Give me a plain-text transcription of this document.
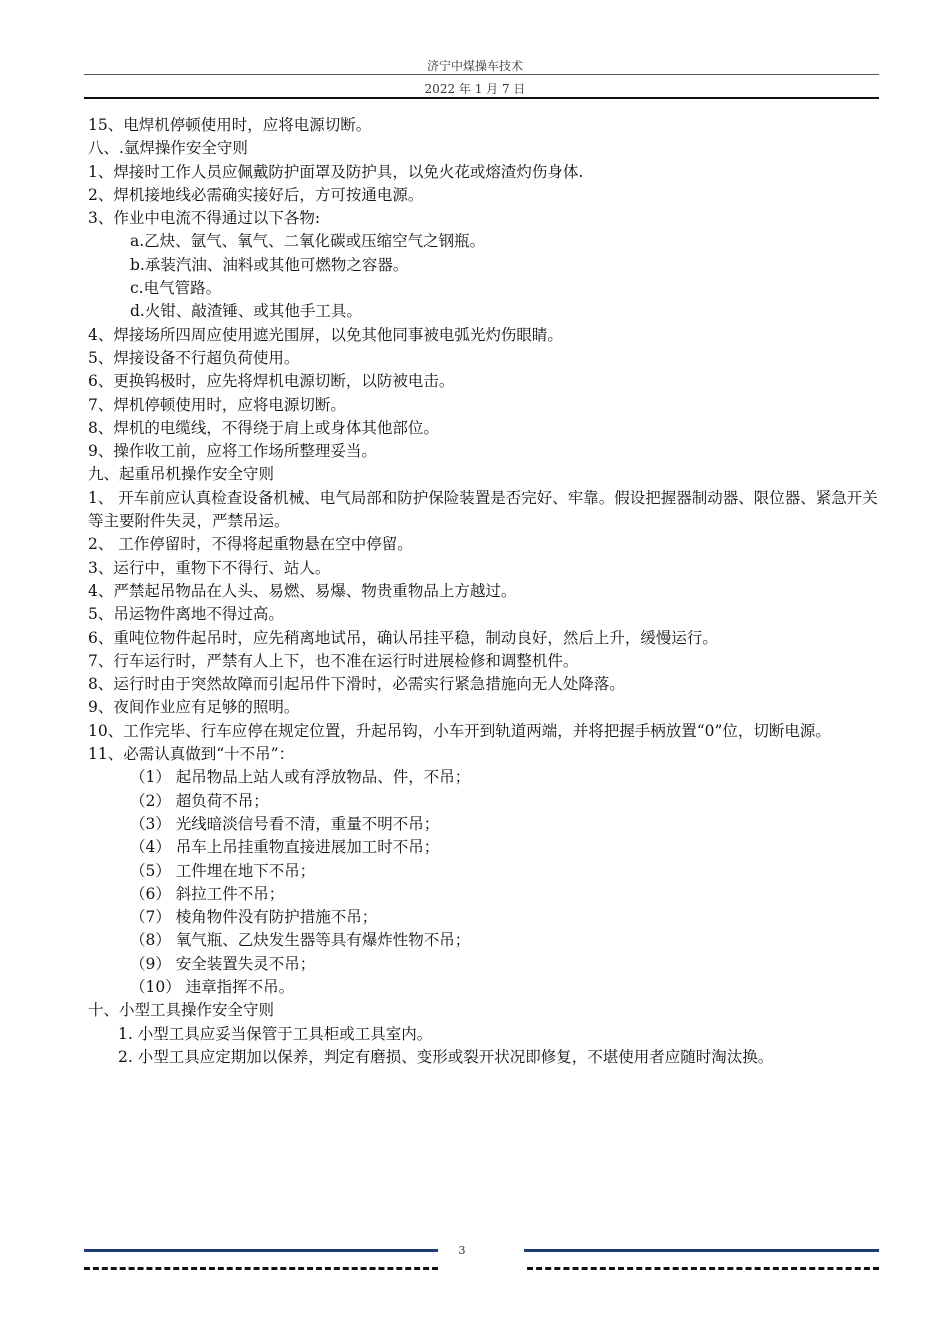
济宁中煤操车技术
2022 年 1 月 7 日
15、电焊机停顿使用时，应将电源切断。
八、.氩焊操作安全守则
1、焊接时工作人员应佩戴防护面罩及防护具，以免火花或熔渣灼伤身体.
2、焊机接地线必需确实接好后，方可按通电源。
3、作业中电流不得通过以下各物:
a.乙炔、氩气、氧气、二氧化碳或压缩空气之钢瓶。
b.承装汽油、油料或其他可燃物之容器。
c.电气管路。
d.火钳、敲渣锤、或其他手工具。
4、焊接场所四周应使用遮光围屏，以免其他同事被电弧光灼伤眼睛。
5、焊接设备不行超负荷使用。
6、更换钨极时，应先将焊机电源切断，以防被电击。
7、焊机停顿使用时，应将电源切断。
8、焊机的电缆线，不得绕于肩上或身体其他部位。
9、操作收工前，应将工作场所整理妥当。
九、起重吊机操作安全守则
1、 开车前应认真检查设备机械、电气局部和防护保险装置是否完好、牢靠。假设把握器制动器、限位器、紧急开关等主要附件失灵，严禁吊运。
2、 工作停留时，不得将起重物悬在空中停留。
3、运行中，重物下不得行、站人。
4、严禁起吊物品在人头、易燃、易爆、物贵重物品上方越过。
5、吊运物件离地不得过高。
6、重吨位物件起吊时，应先稍离地试吊，确认吊挂平稳，制动良好，然后上升，缓慢运行。
7、行车运行时，严禁有人上下，也不准在运行时进展检修和调整机件。
8、运行时由于突然故障而引起吊件下滑时，必需实行紧急措施向无人处降落。
9、夜间作业应有足够的照明。
10、工作完毕、行车应停在规定位置，升起吊钩，小车开到轨道两端，并将把握手柄放置“0”位，切断电源。
11、必需认真做到“十不吊”：
（1） 起吊物品上站人或有浮放物品、件，不吊；
（2） 超负荷不吊；
（3） 光线暗淡信号看不清，重量不明不吊；
（4） 吊车上吊挂重物直接进展加工时不吊；
（5） 工件埋在地下不吊；
（6） 斜拉工件不吊；
（7） 棱角物件没有防护措施不吊；
（8） 氧气瓶、乙炔发生器等具有爆炸性物不吊；
（9） 安全装置失灵不吊；
（10） 违章指挥不吊。
十、小型工具操作安全守则
1. 小型工具应妥当保管于工具柜或工具室内。
2. 小型工具应定期加以保养，判定有磨损、变形或裂开状况即修复，不堪使用者应随时淘汰换。
3
